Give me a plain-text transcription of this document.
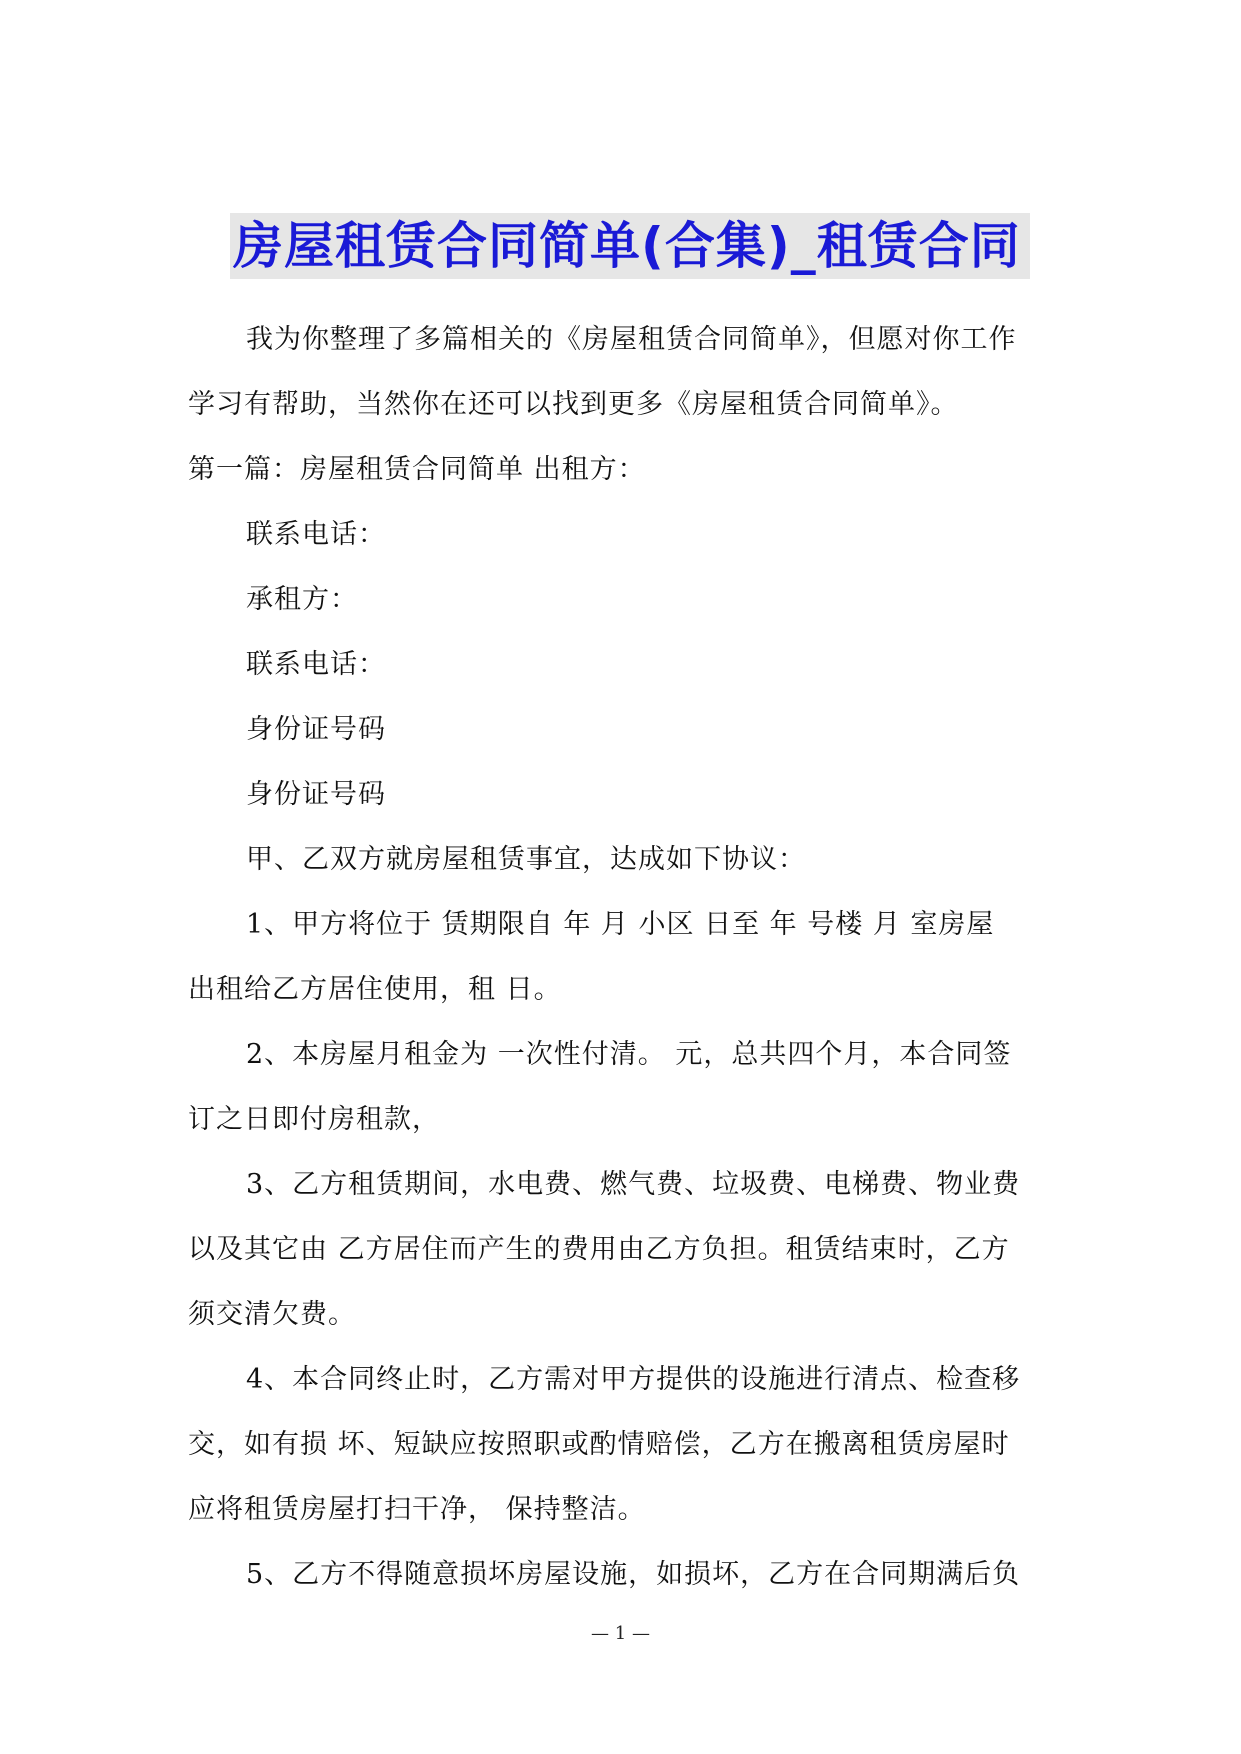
房屋租赁合同简单(合集)_租赁合同

我为你整理了多篇相关的《房屋租赁合同简单》，但愿对你工作

学习有帮助，当然你在还可以找到更多《房屋租赁合同简单》。

第一篇：房屋租赁合同简单 出租方：

联系电话：

承租方：

联系电话：

身份证号码

身份证号码

甲、乙双方就房屋租赁事宜，达成如下协议：

1、甲方将位于 赁期限自 年 月 小区 日至 年 号楼 月 室房屋

出租给乙方居住使用，租 日。

2、本房屋月租金为 一次性付清。 元，总共四个月，本合同签

订之日即付房租款，

3、乙方租赁期间，水电费、燃气费、垃圾费、电梯费、物业费

以及其它由 乙方居住而产生的费用由乙方负担。租赁结束时，乙方

须交清欠费。

4、本合同终止时，乙方需对甲方提供的设施进行清点、检查移

交，如有损 坏、短缺应按照职或酌情赔偿，乙方在搬离租赁房屋时

应将租赁房屋打扫干净， 保持整洁。

5、乙方不得随意损坏房屋设施，如损坏，乙方在合同期满后负

— 1 —
